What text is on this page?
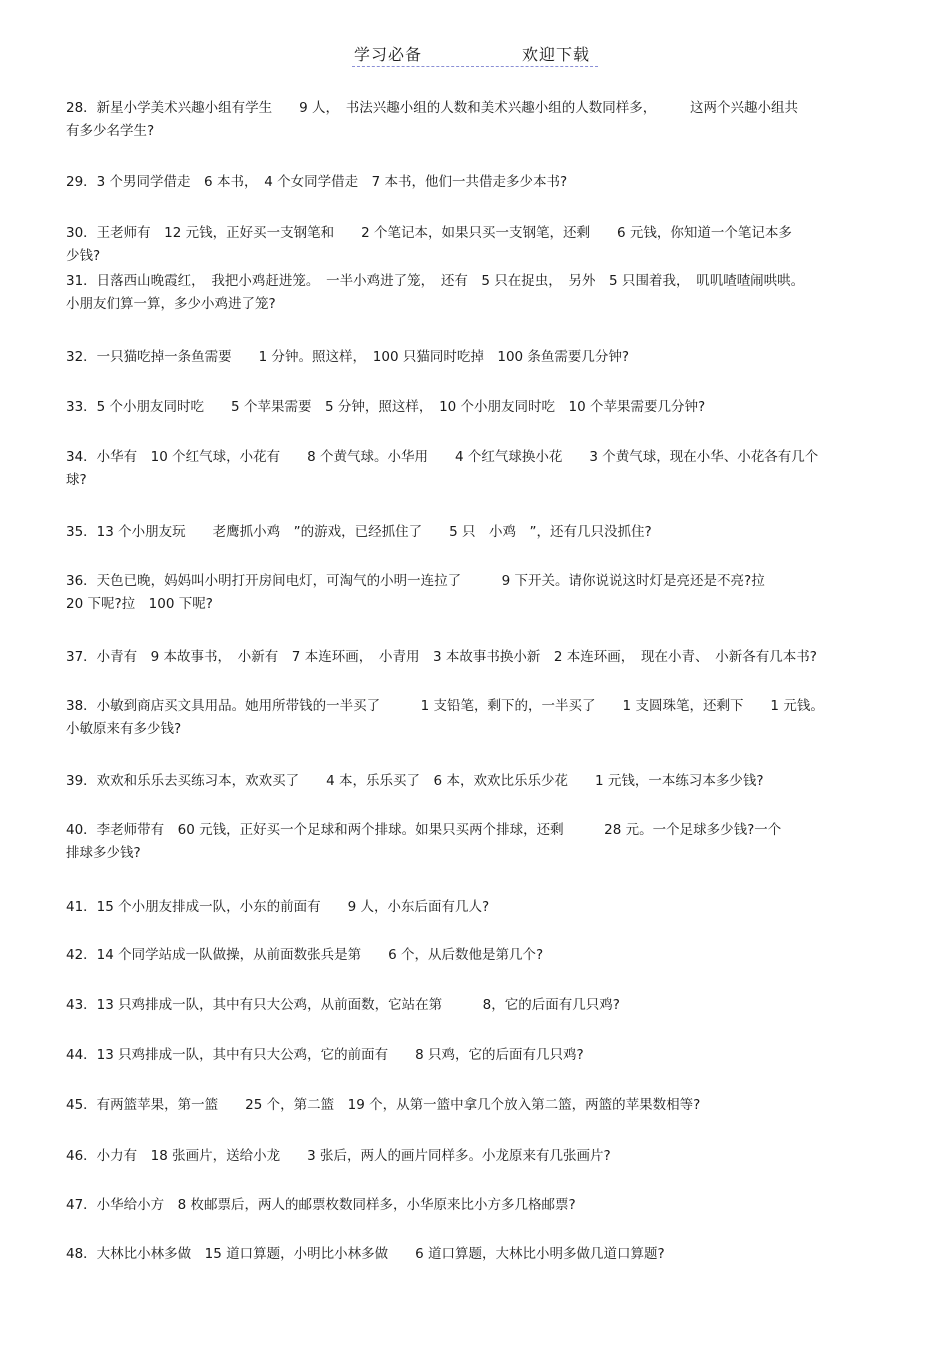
学习必备	欢迎下载
28．新星小学美术兴趣小组有学生　　9 人，　书法兴趣小组的人数和美术兴趣小组的人数同样多，　　　这两个兴趣小组共
有多少名学生?
29．3 个男同学借走　6 本书，　4 个女同学借走　7 本书，他们一共借走多少本书?
30．王老师有　12 元钱，正好买一支钢笔和　　2 个笔记本，如果只买一支钢笔，还剩　　6 元钱，你知道一个笔记本多
少钱?
31．日落西山晚霞红，　我把小鸡赶进笼。　一半小鸡进了笼，　还有　5 只在捉虫，　另外　5 只围着我，　叽叽喳喳闹哄哄。
小朋友们算一算，多少小鸡进了笼?
32．一只猫吃掉一条鱼需要　　1 分钟。照这样，　100 只猫同时吃掉　100 条鱼需要几分钟?
33．5 个小朋友同时吃　　5 个苹果需要　5 分钟，照这样，　10 个小朋友同时吃　10 个苹果需要几分钟?
34．小华有　10 个红气球，小花有　　8 个黄气球。小华用　　4 个红气球换小花　　3 个黄气球，现在小华、小花各有几个
球?
35．13 个小朋友玩　　老鹰抓小鸡　”的游戏，已经抓住了　　5 只　小鸡　”，还有几只没抓住?
36．天色已晚，妈妈叫小明打开房间电灯，可淘气的小明一连拉了　　　9 下开关。请你说说这时灯是亮还是不亮?拉
20 下呢?拉　100 下呢?
37．小青有　9 本故事书，　小新有　7 本连环画，　小青用　3 本故事书换小新　2 本连环画，　现在小青、　小新各有几本书?
38．小敏到商店买文具用品。她用所带钱的一半买了　　　1 支铅笔，剩下的，一半买了　　1 支圆珠笔，还剩下　　1 元钱。
小敏原来有多少钱?
39．欢欢和乐乐去买练习本，欢欢买了　　4 本，乐乐买了　6 本，欢欢比乐乐少花　　1 元钱，一本练习本多少钱?
40．李老师带有　60 元钱，正好买一个足球和两个排球。如果只买两个排球，还剩　　　28 元。一个足球多少钱?一个
排球多少钱?
41．15 个小朋友排成一队，小东的前面有　　9 人，小东后面有几人?
42．14 个同学站成一队做操，从前面数张兵是第　　6 个，从后数他是第几个?
43．13 只鸡排成一队，其中有只大公鸡，从前面数，它站在第　　　8，它的后面有几只鸡?
44．13 只鸡排成一队，其中有只大公鸡，它的前面有　　8 只鸡，它的后面有几只鸡?
45．有两篮苹果，第一篮　　25 个，第二篮　19 个，从第一篮中拿几个放入第二篮，两篮的苹果数相等?
46．小力有　18 张画片，送给小龙　　3 张后，两人的画片同样多。小龙原来有几张画片?
47．小华给小方　8 枚邮票后，两人的邮票枚数同样多，小华原来比小方多几格邮票?
48．大林比小林多做　15 道口算题，小明比小林多做　　6 道口算题，大林比小明多做几道口算题?
